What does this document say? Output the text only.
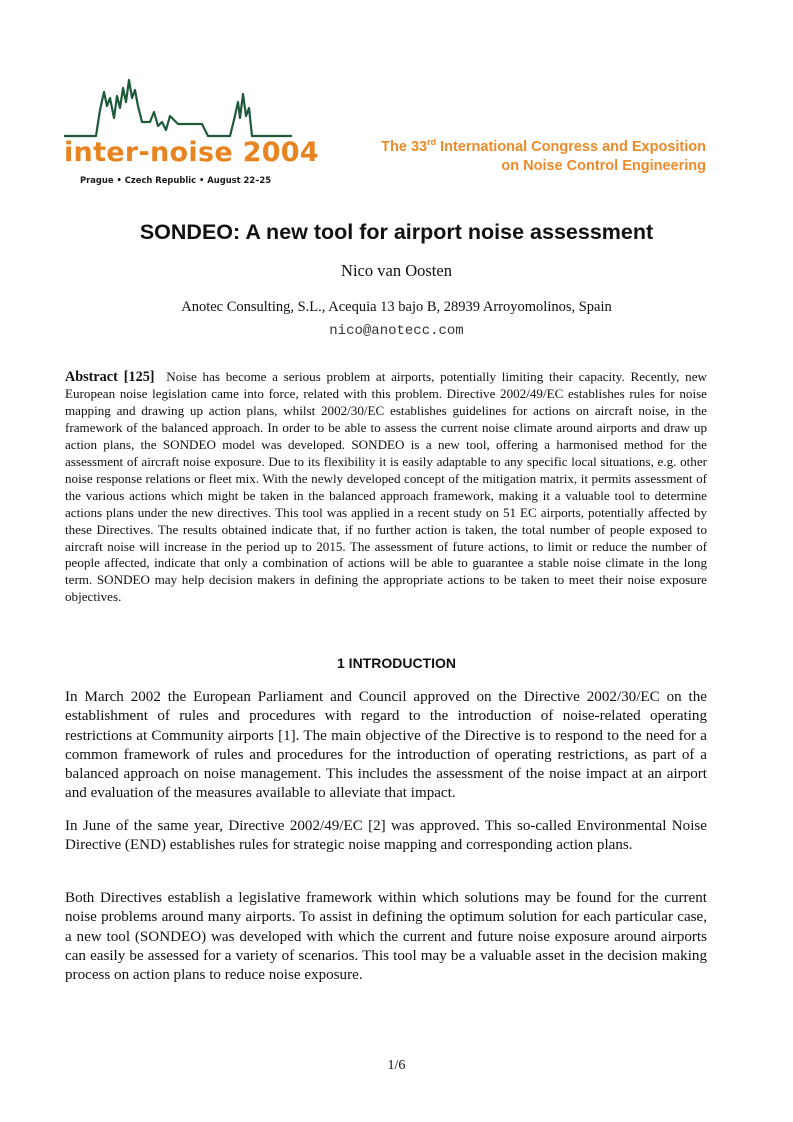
inter-noise 2004
Prague • Czech Republic • August 22–25
The 33rd International Congress and Exposition
on Noise Control Engineering
SONDEO: A new tool for airport noise assessment
Nico van Oosten
Anotec Consulting, S.L., Acequia 13 bajo B, 28939 Arroyomolinos, Spain
nico@anotecc.com

Abstract [125] Noise has become a serious problem at airports, potentially limiting their capacity. Recently, new European noise legislation came into force, related with this problem. Directive 2002/49/EC establishes rules for noise mapping and drawing up action plans, whilst 2002/30/EC establishes guidelines for actions on aircraft noise, in the framework of the balanced approach. In order to be able to assess the current noise climate around airports and draw up action plans, the SONDEO model was developed. SONDEO is a new tool, offering a harmonised method for the assessment of aircraft noise exposure. Due to its flexibility it is easily adaptable to any specific local situations, e.g. other noise response relations or fleet mix. With the newly developed concept of the mitigation matrix, it permits assessment of the various actions which might be taken in the balanced approach framework, making it a valuable tool to determine actions plans under the new directives. This tool was applied in a recent study on 51 EC airports, potentially affected by these Directives. The results obtained indicate that, if no further action is taken, the total number of people exposed to aircraft noise will increase in the period up to 2015. The assessment of future actions, to limit or reduce the number of people affected, indicate that only a combination of actions will be able to guarantee a stable noise climate in the long term. SONDEO may help decision makers in defining the appropriate actions to be taken to meet their noise exposure objectives.

1 INTRODUCTION

In March 2002 the European Parliament and Council approved on the Directive 2002/30/EC on the establishment of rules and procedures with regard to the introduction of noise-related operating restrictions at Community airports [1]. The main objective of the Directive is to respond to the need for a common framework of rules and procedures for the introduction of operating restrictions, as part of a balanced approach on noise management. This includes the assessment of the noise impact at an airport and evaluation of the measures available to alleviate that impact.

In June of the same year, Directive 2002/49/EC [2] was approved. This so-called Environmental Noise Directive (END) establishes rules for strategic noise mapping and corresponding action plans.

Both Directives establish a legislative framework within which solutions may be found for the current noise problems around many airports. To assist in defining the optimum solution for each particular case, a new tool (SONDEO) was developed with which the current and future noise exposure around airports can easily be assessed for a variety of scenarios. This tool may be a valuable asset in the decision making process on action plans to reduce noise exposure.

1/6
